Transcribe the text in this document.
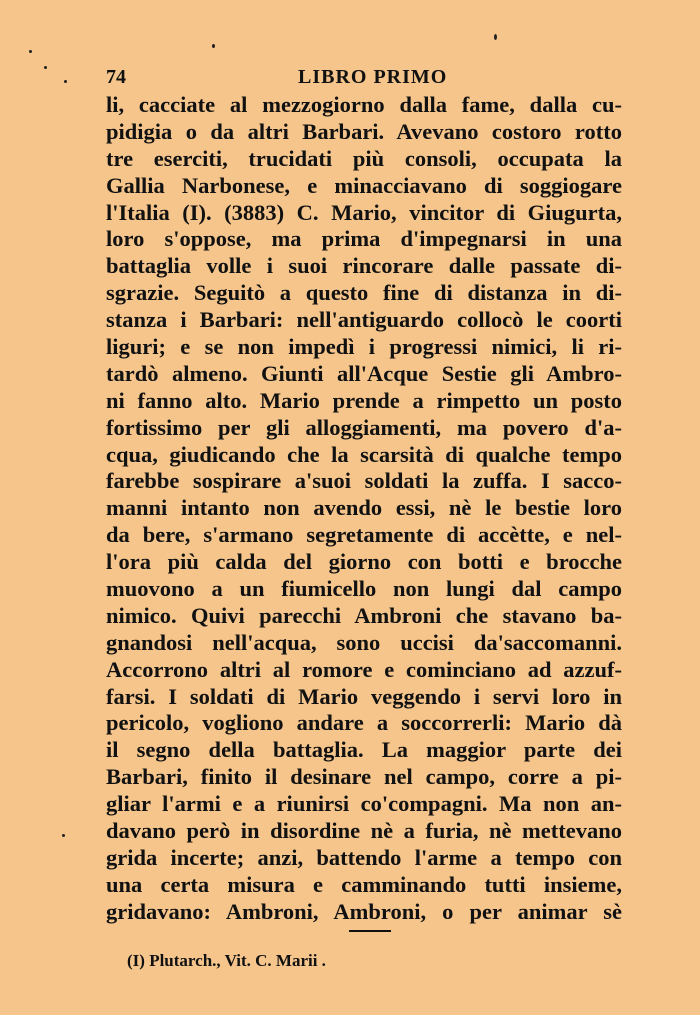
74	LIBRO PRIMO
li, cacciate al mezzogiorno dalla fame, dalla cu-
pidigia o da altri Barbari. Avevano costoro rotto
tre eserciti, trucidati più consoli, occupata la
Gallia Narbonese, e minacciavano di soggiogare
l'Italia (I). (3883) C. Mario, vincitor di Giugurta,
loro s'oppose, ma prima d'impegnarsi in una
battaglia volle i suoi rincorare dalle passate di-
sgrazie. Seguitò a questo fine di distanza in di-
stanza i Barbari: nell'antiguardo collocò le coorti
liguri; e se non impedì i progressi nimici, li ri-
tardò almeno. Giunti all'Acque Sestie gli Ambro-
ni fanno alto. Mario prende a rimpetto un posto
fortissimo per gli alloggiamenti, ma povero d'a-
cqua, giudicando che la scarsità di qualche tempo
farebbe sospirare a'suoi soldati la zuffa. I sacco-
manni intanto non avendo essi, nè le bestie loro
da bere, s'armano segretamente di accètte, e nel-
l'ora più calda del giorno con botti e brocche
muovono a un fiumicello non lungi dal campo
nimico. Quivi parecchi Ambroni che stavano ba-
gnandosi nell'acqua, sono uccisi da'saccomanni.
Accorrono altri al romore e cominciano ad azzuf-
farsi. I soldati di Mario veggendo i servi loro in
pericolo, vogliono andare a soccorrerli: Mario dà
il segno della battaglia. La maggior parte dei
Barbari, finito il desinare nel campo, corre a pi-
gliar l'armi e a riunirsi co'compagni. Ma non an-
davano però in disordine nè a furia, nè mettevano
grida incerte; anzi, battendo l'arme a tempo con
una certa misura e camminando tutti insieme,
gridavano: Ambroni, Ambroni, o per animar sè
(I) Plutarch., Vit. C. Marii .
